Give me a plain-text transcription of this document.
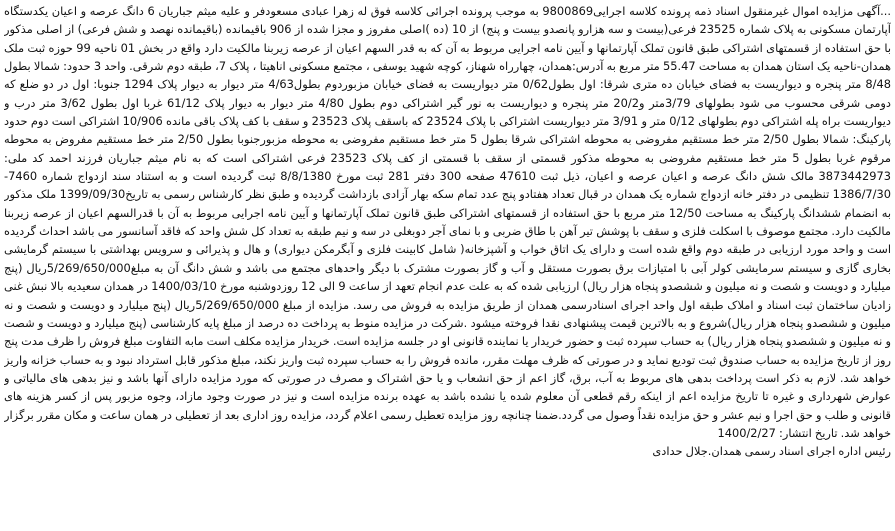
...آگهی مزایده اموال غیرمنقول اسناد ذمه پرونده کلاسه اجرایی9800869 به موجب پرونده اجرائی کلاسه فوق له زهرا عبادی مسعودفر و علیه میثم جباریان 6 دانگ عرصه و اعیان یکدستگاه آپارتمان مسکونی به پلاک شماره 23525 فرعی(بیست و سه هزارو پانصدو بیست و پنج) از 10 (ده )اصلی مفروز و مجزا شده از 906 باقیمانده (باقیمانده نهصد و شش فرعی) از اصلی مذکور با حق استفاده از قسمتهای اشتراکی طبق قانون تملک آپارتمانها و آیین نامه اجرایی مربوط به آن که به قدر السهم اعیان از عرصه زیربنا مالکیت دارد واقع در بخش 01 ناحیه 99 حوزه ثبت ملک همدان-ناحیه یک استان همدان به مساحت 55.47 متر مربع به آدرس:همدان، چهارراه شهناز، کوچه شهید یوسفی ، مجتمع مسکونی اناهیتا ، پلاک 7، طبقه دوم شرقی. واحد 3 حدود: شمالا بطول 8/48 متر پنجره و دیواریست به فضای خیابان ده متری شرقا: اول بطول0/62 متر دیواریست به فضای خیابان مزبوردوم بطول4/63 متر دیوار به دیوار پلاک 1294 جنوبا: اول در دو ضلع که دومی شرقی محسوب می شود بطولهای 3/79متر و20/2 متر پنجره و دیواریست به نور گیر اشتراکی دوم بطول 4/80 متر دیوار به دیوار پلاک 61/12 غربا اول بطول 3/62 متر درب و دیواریست براه پله اشتراکی دوم بطولهای 0/12 متر و 3/91 متر دیواریست اشتراکی با پلاک 23524 که باسقف پلاک 23523 و سقف با کف پلاک باقی مانده 10/906 اشتراکی است دوم حدود پارکینگ: شمالا بطول 2/50 متر خط مستقیم مفروضی به محوطه اشتراکی شرقا بطول 5 متر خط مستقیم مفروضی به محوطه مزبورجنوبا بطول 2/50 متر خط مستقیم مفروض به محوطه مرقوم غربا بطول 5 متر خط مستقیم مفروضی به محوطه مذکور قسمتی از سقف با قسمتی از کف پلاک 23523 فرعی اشتراکی است که به نام میثم جباریان فرزند احمد کد ملی: 3873442973 مالک شش دانگ عرصه و اعیان عرصه و اعیان، ذیل ثبت 47610 صفحه 300 دفتر 281 ثبت مورخ 8/8/1380 ثبت گردیده است و به استناد سند ازدواج شماره 7460-1386/7/30 تنظیمی در دفتر خانه ازدواج شماره یک همدان در قبال تعداد هفتادو پنج عدد تمام سکه بهار آزادی بازداشت گردیده و طبق نظر کارشناس رسمی به تاریخ1399/09/30 ملک مذکور به انضمام ششدانگ پارکینگ به مساحت 12/50 متر مربع با حق استفاده از قسمتهای اشتراکی طبق قانون تملک آپارتمانها و آیین نامه اجرایی مربوط به آن با قدرالسهم اعیان از عرصه زیربنا مالکیت دارد. مجتمع موصوف با اسکلت فلزی و سقف با پوشش تیر آهن با طاق ضربی و با نمای آجر دوبغلی در سه و نیم طبقه به تعداد کل شش واحد که فاقد آسانسور می باشد احداث گردیده است و واحد مورد ارزیابی در طبقه دوم واقع شده است و دارای یک اتاق خواب و آشپزخانه( شامل کابینت فلزی و آبگرمکن دیواری) و هال و پذیرائی و سرویس بهداشتی با سیستم گرمایشی بخاری گازی و سیستم سرمایشی کولر آبی با امتیازات برق بصورت مستقل و آب و گاز بصورت مشترک با دیگر واحدهای مجتمع می باشد و شش دانگ آن به مبلغ5/269/650/000ریال (پنج میلیارد و دویست و شصت و نه میلیون و ششصدو پنجاه هزار ریال) ارزیابی شده که به علت عدم انجام تعهد از ساعت 9 الی 12 روزدوشنبه مورخ 1400/03/10 در همدان سعیدیه بالا نبش غنی زادیان ساختمان ثبت اسناد و املاک طبقه اول واحد اجرای اسنادرسمی همدان از طریق مزایده به فروش می رسد. مزایده از مبلغ 5/269/650/000ریال (پنج میلیارد و دویست و شصت و نه میلیون و ششصدو پنجاه هزار ریال)شروع و به بالاترین قیمت پیشنهادی نقدا فروخته میشود .شرکت در مزایده منوط به پرداخت ده درصد از مبلغ پایه کارشناسی (پنج میلیارد و دویست و شصت و نه میلیون و ششصدو پنجاه هزار ریال) به حساب سپرده ثبت و حضور خریدار یا نماینده قانونی او در جلسه مزایده است. خریدار مزایده مکلف است مابه التفاوت مبلغ فروش را ظرف مدت پنج روز از تاریخ مزایده به حساب صندوق ثبت تودیع نماید و در صورتی که ظرف مهلت مقرر، مانده فروش را به حساب سپرده ثبت واریز نکند، مبلغ مذکور قابل استرداد نبود و به حساب خزانه واریز خواهد شد. لازم به ذکر است پرداخت بدهی های مربوط به آب، برق، گاز اعم از حق انشعاب و یا حق اشتراک و مصرف در صورتی که مورد مزایده دارای آنها باشد و نیز بدهی های مالیاتی و عوارض شهرداری و غیره تا تاریخ مزایده اعم از اینکه رقم قطعی آن معلوم شده یا نشده باشد به عهده برنده مزایده است و نیز در صورت وجود مازاد، وجوه مزبور پس از کسر هزینه های قانونی و طلب و حق اجرا و نیم عشر و حق مزایده نقداً وصول می گردد.ضمنا چنانچه روز مزایده تعطیل رسمی اعلام گردد، مزایده روز اداری بعد از تعطیلی در همان ساعت و مکان مقرر برگزار خواهد شد. تاریخ انتشار: 1400/2/27

رئیس اداره اجرای اسناد رسمی همدان.جلال حدادی
